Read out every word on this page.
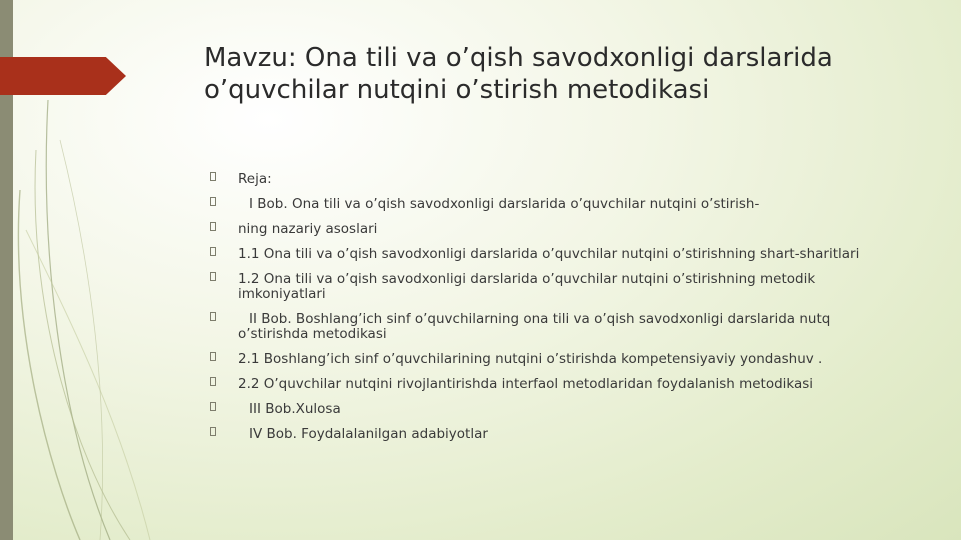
Mavzu: Ona tili va o’qish savodxonligi darslarida
o’quvchilar nutqini o’stirish metodikasi
Reja:
I Bob. Ona tili va o’qish savodxonligi darslarida o’quvchilar nutqini o’stirish-
ning nazariy asoslari
1.1 Ona tili va o’qish savodxonligi darslarida o’quvchilar nutqini o’stirishning shart-sharitlari
1.2 Ona tili va o’qish savodxonligi darslarida o’quvchilar nutqini o’stirishning metodik imkoniyatlari
II Bob. Boshlang’ich sinf o’quvchilarning ona tili va o’qish savodxonligi darslarida nutq o’stirishda metodikasi
2.1 Boshlang’ich sinf o’quvchilarining nutqini o’stirishda kompetensiyaviy yondashuv .
2.2 O’quvchilar nutqini rivojlantirishda interfaol metodlaridan foydalanish metodikasi
III Bob.Xulosa
IV Bob. Foydalalanilgan adabiyotlar
